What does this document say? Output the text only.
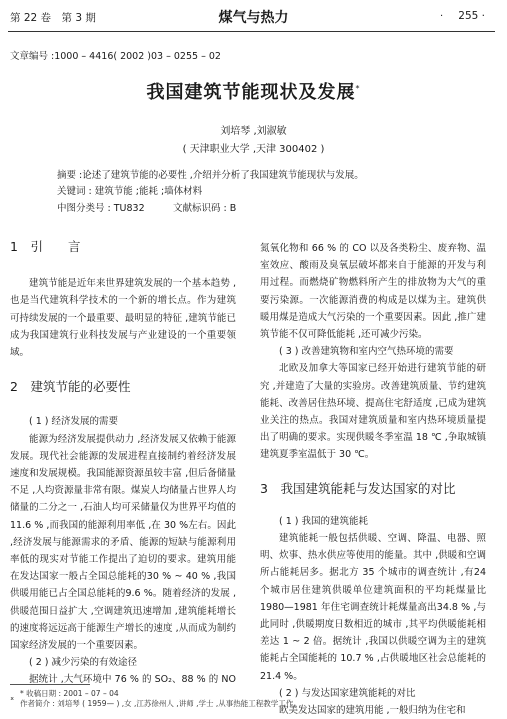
第 22 卷　第 3 期	煤气与热力	· 255 ·
文章编号 :1000 – 4416( 2002 )03 – 0255 – 02
我国建筑节能现状及发展*
刘培琴 ,刘淑敏
( 天津职业大学 ,天津 300402 )
摘要 :论述了建筑节能的必要性 ,介绍并分析了我国建筑节能现状与发展。
关键词 : 建筑节能 ;能耗 ;墙体材料
中图分类号 : TU832	文献标识码 : B
1　引　　言

建筑节能是近年来世界建筑发展的一个基本趋势 ,也是当代建筑科学技术的一个新的增长点。作为建筑可持续发展的一个最重要、最明显的特征 ,建筑节能已成为我国建筑行业科技发展与产业建设的一个重要领域。

2　建筑节能的必要性

( 1 ) 经济发展的需要

能源为经济发展提供动力 ,经济发展又依赖于能源发展。现代社会能源的发展进程直接制约着经济发展速度和发展规模。我国能源资源虽较丰富 ,但后备储量不足 ,人均资源量非常有限。煤炭人均储量占世界人均储量的二分之一 ,石油人均可采储量仅为世界平均值的 11.6 % ,而我国的能源利用率低 ,在 30 %左右。因此 ,经济发展与能源需求的矛盾、能源的短缺与能源利用率低的现实对节能工作提出了迫切的要求。建筑用能在发达国家一般占全国总能耗的30 % ~ 40 % ,我国供暖用能已占全国总能耗的9.6 %。随着经济的发展 ,供暖范围日益扩大 ,空调建筑迅速增加 ,建筑能耗增长的速度将远远高于能源生产增长的速度 ,从而成为制约国家经济发展的一个重要因素。

( 2 ) 减少污染的有效途径

据统计 ,大气环境中 76 % 的 SO₂、88 % 的 NO ₓ

氮氧化物和 66 % 的 CO 以及各类粉尘、废弃物、温室效应、酸雨及臭氧层破坏都来自于能源的开发与利用过程。而燃烧矿物燃料所产生的排放物为大气的重要污染源。一次能源消费的构成是以煤为主。建筑供暖用煤是造成大气污染的一个重要因素。因此 ,推广建筑节能不仅可降低能耗 ,还可减少污染。

( 3 ) 改善建筑物和室内空气热环境的需要

北欧及加拿大等国家已经开始进行建筑节能的研究 ,并建造了大量的实验房。改善建筑质量、节约建筑能耗、改善居住热环境、提高住宅舒适度 ,已成为建筑业关注的热点。我国对建筑质量和室内热环境质量提出了明确的要求。实现供暖冬季室温 18 ℃ ,争取城镇建筑夏季室温低于 30 ℃。

3　我国建筑能耗与发达国家的对比

( 1 ) 我国的建筑能耗

建筑能耗一般包括供暖、空调、降温、电器、照明、炊事、热水供应等使用的能量。其中 ,供暖和空调所占能耗居多。据北方 35 个城市的调查统计 ,有24 个城市居住建筑供暖单位建筑面积的平均耗煤量比 1980—1981 年住宅调查统计耗煤量高出34.8 % ,与此同时 ,供暖期度日数相近的城市 ,其平均供暖能耗相差达 1 ~ 2 倍。据统计 ,我国以供暖空调为主的建筑能耗占全国能耗的 10.7 % ,占供暖地区社会总能耗的 21.4 %。

( 2 ) 与发达国家建筑能耗的对比

欧美发达国家的建筑用能 ,一般归纳为住宅和

* 收稿日期 : 2001 – 07 – 04
作者简介 : 刘培琴 ( 1959— ) ,女 ,江苏徐州人 ,讲师 ,学士 ,从事热能工程教学工作。
